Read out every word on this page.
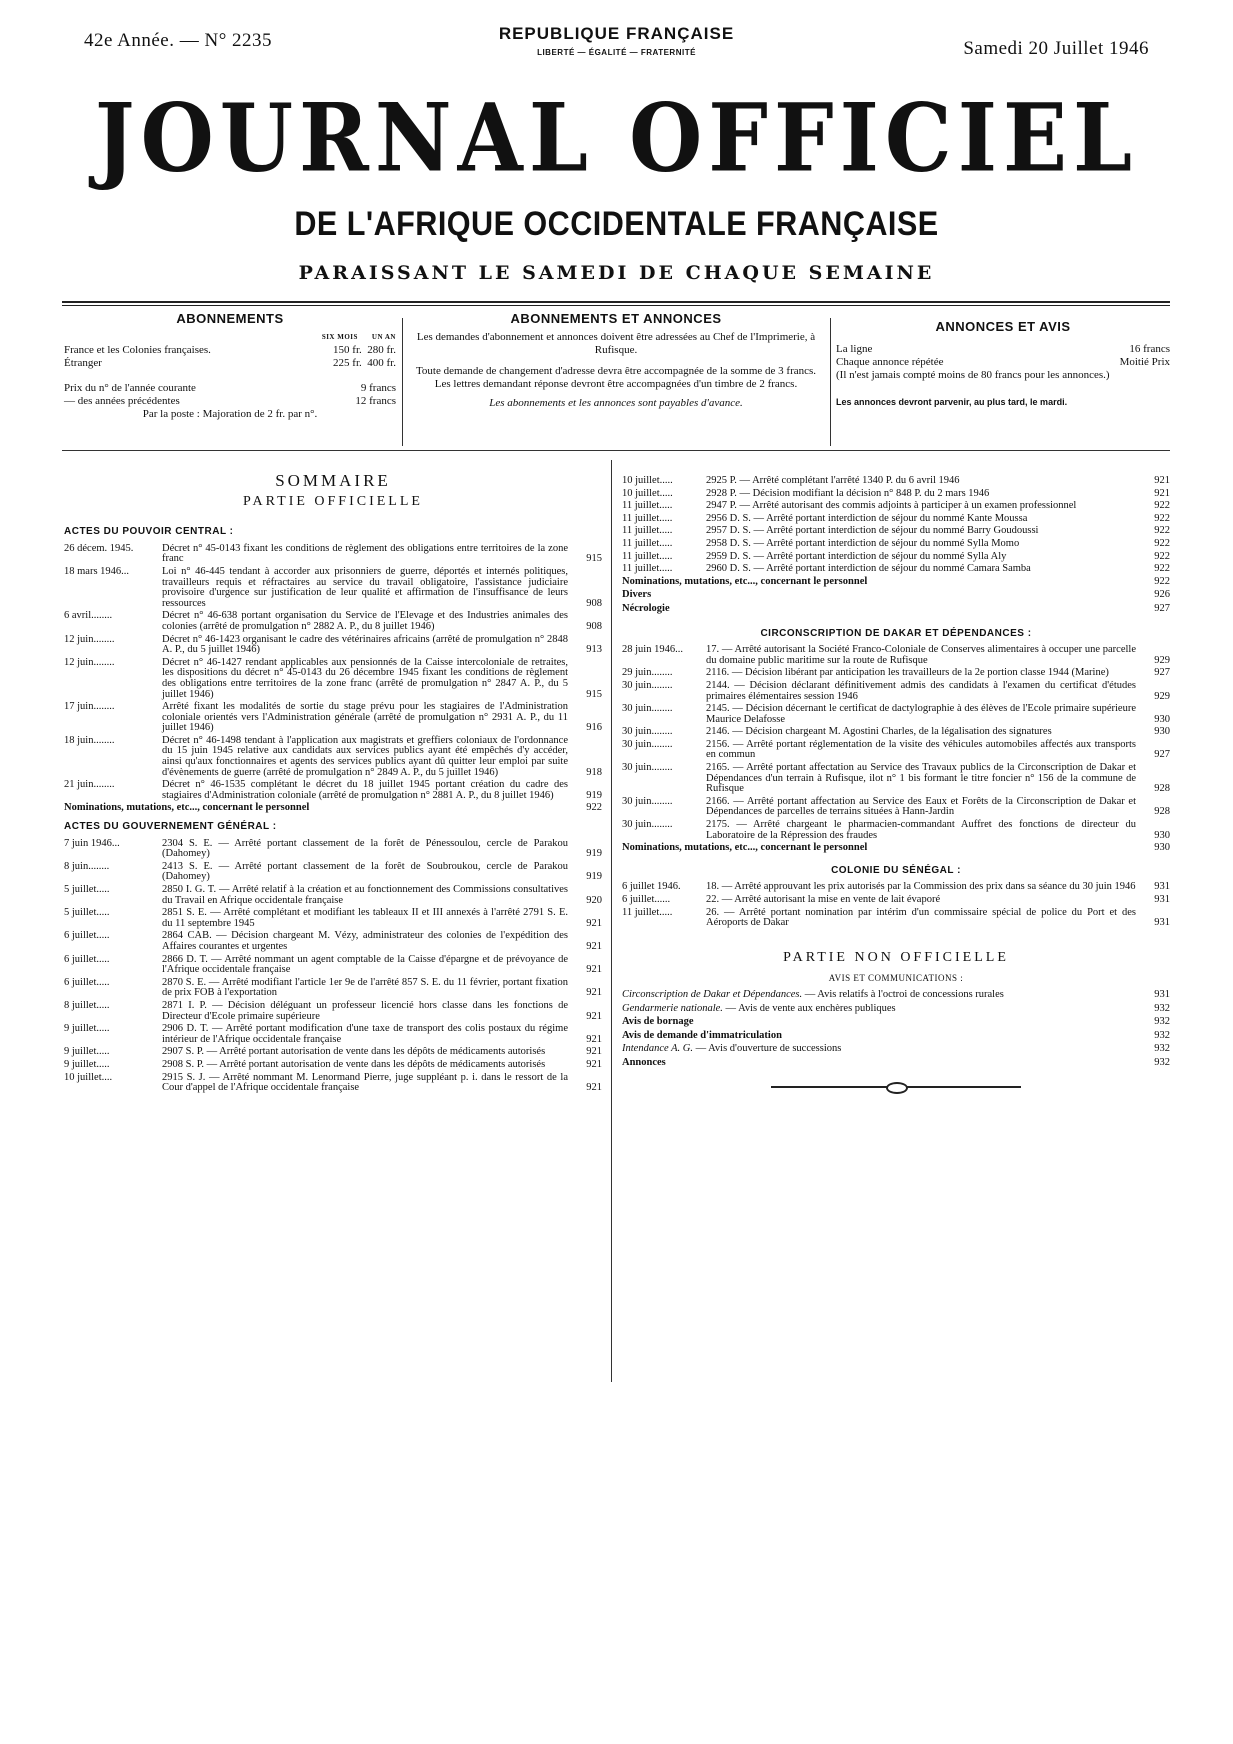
42e Année. — N° 2235	REPUBLIQUE FRANÇAISE
LIBERTÉ — ÉGALITÉ — FRATERNITÉ	Samedi 20 Juillet 1946
JOURNAL OFFICIEL
DE L'AFRIQUE OCCIDENTALE FRANÇAISE
PARAISSANT LE SAMEDI DE CHAQUE SEMAINE
ABONNEMENTS
SIX MOIS UN AN
France et les Colonies françaises.	150 fr. 280 fr.
Étranger	225 fr. 400 fr.
Prix du n° de l'année courante	9 francs
— des années précédentes	12 francs
Par la poste : Majoration de 2 fr. par n°.
ABONNEMENTS ET ANNONCES
Les demandes d'abonnement et annonces doivent être adressées au Chef de l'Imprimerie, à Rufisque.
Toute demande de changement d'adresse devra être accompagnée de la somme de 3 francs. Les lettres demandant réponse devront être accompagnées d'un timbre de 2 francs.
Les abonnements et les annonces sont payables d'avance.
ANNONCES ET AVIS
La ligne	16 francs
Chaque annonce répétée	Moitié Prix
(Il n'est jamais compté moins de 80 francs pour les annonces.)
Les annonces devront parvenir, au plus tard, le mardi.
SOMMAIRE
PARTIE OFFICIELLE
ACTES DU POUVOIR CENTRAL :
26 décem. 1945.	Décret n° 45-0143 fixant les conditions de règlement des obligations entre territoires de la zone franc	915
18 mars 1946...	Loi n° 46-445 tendant à accorder aux prisonniers de guerre, déportés et internés politiques, travailleurs requis et réfractaires au service du travail obligatoire, l'assistance judiciaire provisoire d'urgence sur justification de leur qualité et affirmation de l'insuffisance de leurs ressources	908
6 avril........	Décret n° 46-638 portant organisation du Service de l'Elevage et des Industries animales des colonies (arrêté de promulgation n° 2882 A. P., du 8 juillet 1946)	908
12 juin........	Décret n° 46-1423 organisant le cadre des vétérinaires africains (arrêté de promulgation n° 2848 A. P., du 5 juillet 1946)	913
12 juin........	Décret n° 46-1427 rendant applicables aux pensionnés de la Caisse intercoloniale de retraites, les dispositions du décret n° 45-0143 du 26 décembre 1945 fixant les conditions de règlement des obligations entre territoires de la zone franc (arrêté de promulgation n° 2847 A. P., du 5 juillet 1946)	915
17 juin........	Arrêté fixant les modalités de sortie du stage prévu pour les stagiaires de l'Administration coloniale orientés vers l'Administration générale (arrêté de promulgation n° 2931 A. P., du 11 juillet 1946)	916
18 juin........	Décret n° 46-1498 tendant à l'application aux magistrats et greffiers coloniaux de l'ordonnance du 15 juin 1945 relative aux candidats aux services publics ayant été empêchés d'y accéder, ainsi qu'aux fonctionnaires et agents des services publics ayant dû quitter leur emploi par suite d'évènements de guerre (arrêté de promulgation n° 2849 A. P., du 5 juillet 1946)	918
21 juin........	Décret n° 46-1535 complétant le décret du 18 juillet 1945 portant création du cadre des stagiaires d'Administration coloniale (arrêté de promulgation n° 2881 A. P., du 8 juillet 1946)	919
Nominations, mutations, etc..., concernant le personnel	922
ACTES DU GOUVERNEMENT GÉNÉRAL :
7 juin 1946...	2304 S. E. — Arrêté portant classement de la forêt de Pénessoulou, cercle de Parakou (Dahomey)	919
8 juin........	2413 S. E. — Arrêté portant classement de la forêt de Soubroukou, cercle de Parakou (Dahomey)	919
5 juillet.....	2850 I. G. T. — Arrêté relatif à la création et au fonctionnement des Commissions consultatives du Travail en Afrique occidentale française	920
5 juillet.....	2851 S. E. — Arrêté complétant et modifiant les tableaux II et III annexés à l'arrêté 2791 S. E. du 11 septembre 1945	921
6 juillet.....	2864 CAB. — Décision chargeant M. Vézy, administrateur des colonies de l'expédition des Affaires courantes et urgentes	921
6 juillet.....	2866 D. T. — Arrêté nommant un agent comptable de la Caisse d'épargne et de prévoyance de l'Afrique occidentale française	921
6 juillet.....	2870 S. E. — Arrêté modifiant l'article 1er 9e de l'arrêté 857 S. E. du 11 février, portant fixation de prix FOB à l'exportation	921
8 juillet.....	2871 I. P. — Décision déléguant un professeur licencié hors classe dans les fonctions de Directeur d'Ecole primaire supérieure	921
9 juillet.....	2906 D. T. — Arrêté portant modification d'une taxe de transport des colis postaux du régime intérieur de l'Afrique occidentale française	921
9 juillet.....	2907 S. P. — Arrêté portant autorisation de vente dans les dépôts de médicaments autorisés	921
9 juillet.....	2908 S. P. — Arrêté portant autorisation de vente dans les dépôts de médicaments autorisés	921
10 juillet....	2915 S. J. — Arrêté nommant M. Lenormand Pierre, juge suppléant p. i. dans le ressort de la Cour d'appel de l'Afrique occidentale française	921
10 juillet.....	2925 P. — Arrêté complétant l'arrêté 1340 P. du 6 avril 1946	921
10 juillet.....	2928 P. — Décision modifiant la décision n° 848 P. du 2 mars 1946	921
11 juillet.....	2947 P. — Arrêté autorisant des commis adjoints à participer à un examen professionnel	922
11 juillet.....	2956 D. S. — Arrêté portant interdiction de séjour du nommé Kante Moussa	922
11 juillet.....	2957 D. S. — Arrêté portant interdiction de séjour du nommé Barry Goudoussi	922
11 juillet.....	2958 D. S. — Arrêté portant interdiction de séjour du nommé Sylla Momo	922
11 juillet.....	2959 D. S. — Arrêté portant interdiction de séjour du nommé Sylla Aly	922
11 juillet.....	2960 D. S. — Arrêté portant interdiction de séjour du nommé Camara Samba	922
Nominations, mutations, etc..., concernant le personnel	922
Divers	926
Nécrologie	927
CIRCONSCRIPTION DE DAKAR ET DÉPENDANCES :
28 juin 1946...	17. — Arrêté autorisant la Société Franco-Coloniale de Conserves alimentaires à occuper une parcelle du domaine public maritime sur la route de Rufisque	929
29 juin........	2116. — Décision libérant par anticipation les travailleurs de la 2e portion classe 1944 (Marine)	927
30 juin........	2144. — Décision déclarant définitivement admis des candidats à l'examen du certificat d'études primaires élémentaires session 1946	929
30 juin........	2145. — Décision décernant le certificat de dactylographie à des élèves de l'Ecole primaire supérieure Maurice Delafosse	930
30 juin........	2146. — Décision chargeant M. Agostini Charles, de la légalisation des signatures	930
30 juin........	2156. — Arrêté portant réglementation de la visite des véhicules automobiles affectés aux transports en commun	927
30 juin........	2165. — Arrêté portant affectation au Service des Travaux publics de la Circonscription de Dakar et Dépendances d'un terrain à Rufisque, ilot n° 1 bis formant le titre foncier n° 156 de la commune de Rufisque	928
30 juin........	2166. — Arrêté portant affectation au Service des Eaux et Forêts de la Circonscription de Dakar et Dépendances de parcelles de terrains situées à Hann-Jardin	928
30 juin........	2175. — Arrêté chargeant le pharmacien-commandant Auffret des fonctions de directeur du Laboratoire de la Répression des fraudes	930
Nominations, mutations, etc..., concernant le personnel	930
COLONIE DU SÉNÉGAL :
6 juillet 1946.	18. — Arrêté approuvant les prix autorisés par la Commission des prix dans sa séance du 30 juin 1946	931
6 juillet......	22. — Arrêté autorisant la mise en vente de lait évaporé	931
11 juillet.....	26. — Arrêté portant nomination par intérim d'un commissaire spécial de police du Port et des Aéroports de Dakar	931
PARTIE NON OFFICIELLE
AVIS ET COMMUNICATIONS :
Circonscription de Dakar et Dépendances. — Avis relatifs à l'octroi de concessions rurales	931
Gendarmerie nationale. — Avis de vente aux enchères publiques	932
Avis de bornage	932
Avis de demande d'immatriculation	932
Intendance A. G. — Avis d'ouverture de successions	932
Annonces	932
